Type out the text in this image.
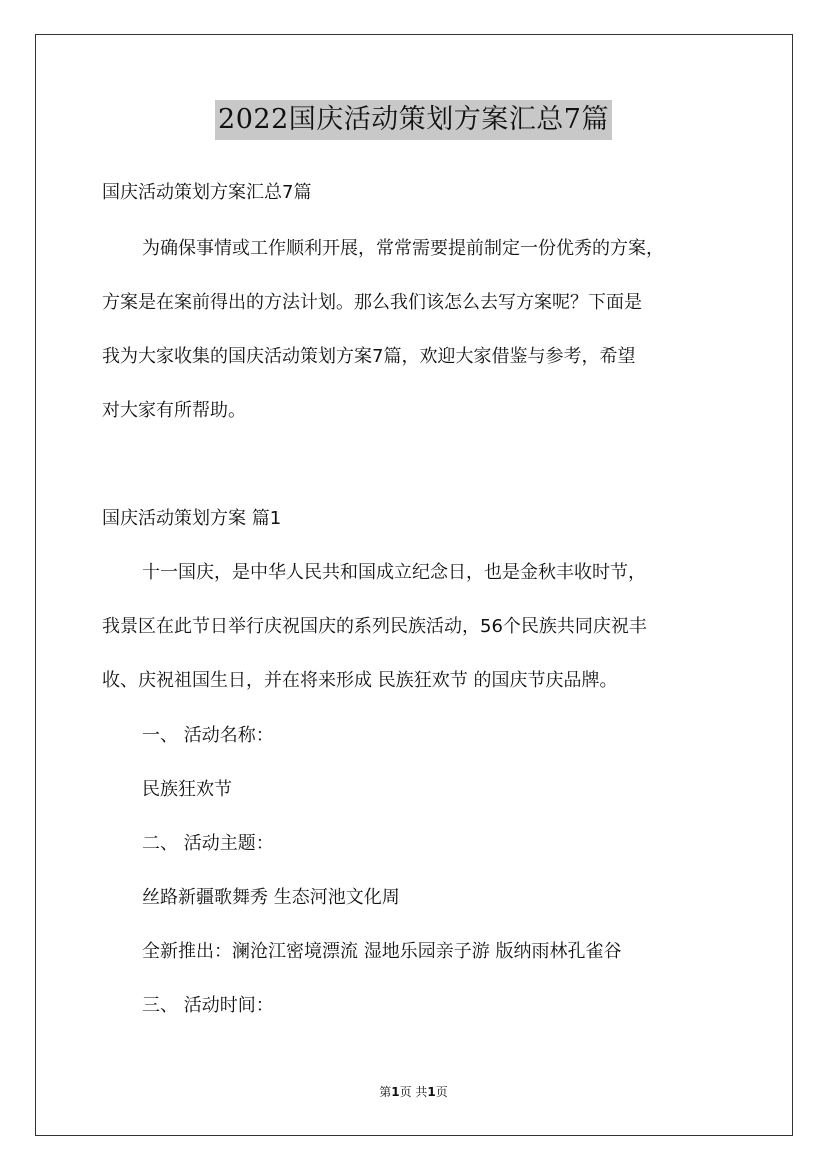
2022国庆活动策划方案汇总7篇
国庆活动策划方案汇总7篇
为确保事情或工作顺利开展，常常需要提前制定一份优秀的方案，
方案是在案前得出的方法计划。那么我们该怎么去写方案呢？下面是
我为大家收集的国庆活动策划方案7篇，欢迎大家借鉴与参考，希望
对大家有所帮助。
国庆活动策划方案 篇1
十一国庆，是中华人民共和国成立纪念日，也是金秋丰收时节，
我景区在此节日举行庆祝国庆的系列民族活动，56个民族共同庆祝丰
收、庆祝祖国生日，并在将来形成 民族狂欢节 的国庆节庆品牌。
一、 活动名称：
民族狂欢节
二、 活动主题：
丝路新疆歌舞秀 生态河池文化周
全新推出：澜沧江密境漂流 湿地乐园亲子游 版纳雨林孔雀谷
三、 活动时间：
第1页 共1页
